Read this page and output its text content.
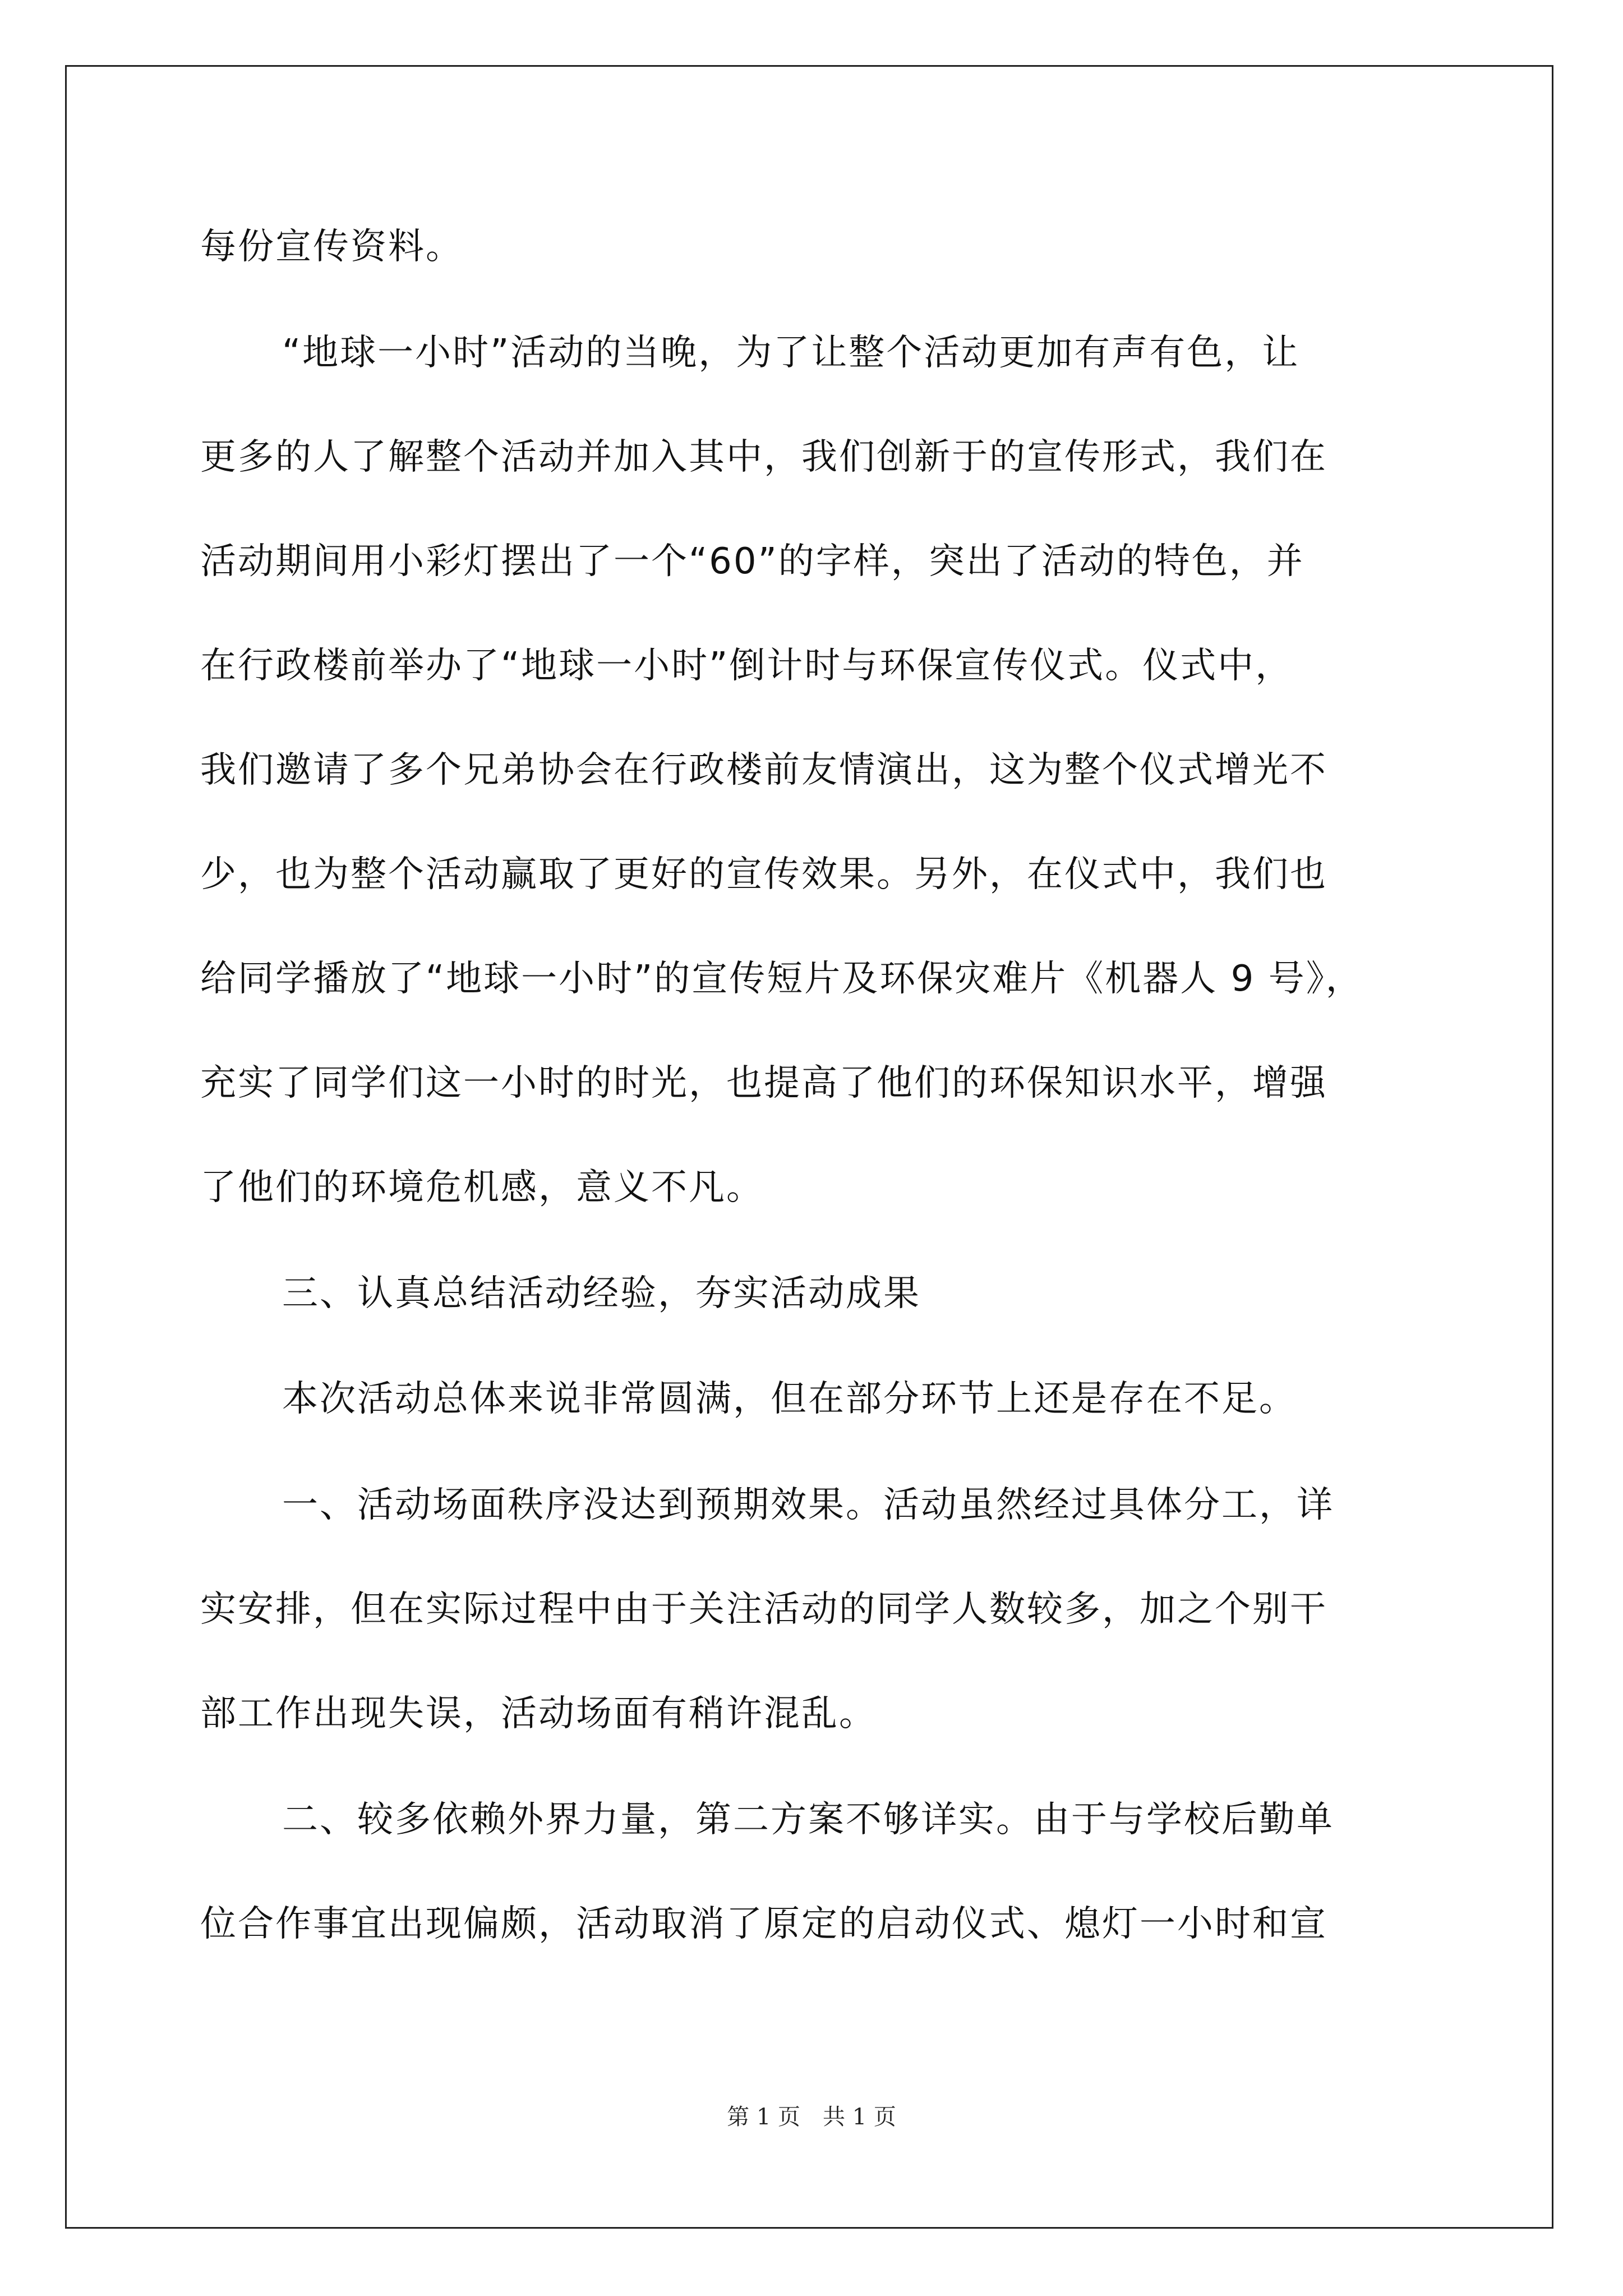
每份宣传资料。
“地球一小时”活动的当晚，为了让整个活动更加有声有色，让
更多的人了解整个活动并加入其中，我们创新于的宣传形式，我们在
活动期间用小彩灯摆出了一个“60”的字样，突出了活动的特色，并
在行政楼前举办了“地球一小时”倒计时与环保宣传仪式。仪式中，
我们邀请了多个兄弟协会在行政楼前友情演出，这为整个仪式增光不
少，也为整个活动赢取了更好的宣传效果。另外，在仪式中，我们也
给同学播放了“地球一小时”的宣传短片及环保灾难片《机器人 9 号》，
充实了同学们这一小时的时光，也提高了他们的环保知识水平，增强
了他们的环境危机感，意义不凡。
三、认真总结活动经验，夯实活动成果
本次活动总体来说非常圆满，但在部分环节上还是存在不足。
一、活动场面秩序没达到预期效果。活动虽然经过具体分工，详
实安排，但在实际过程中由于关注活动的同学人数较多，加之个别干
部工作出现失误，活动场面有稍许混乱。
二、较多依赖外界力量，第二方案不够详实。由于与学校后勤单
位合作事宜出现偏颇，活动取消了原定的启动仪式、熄灯一小时和宣
第 1 页　共 1 页
